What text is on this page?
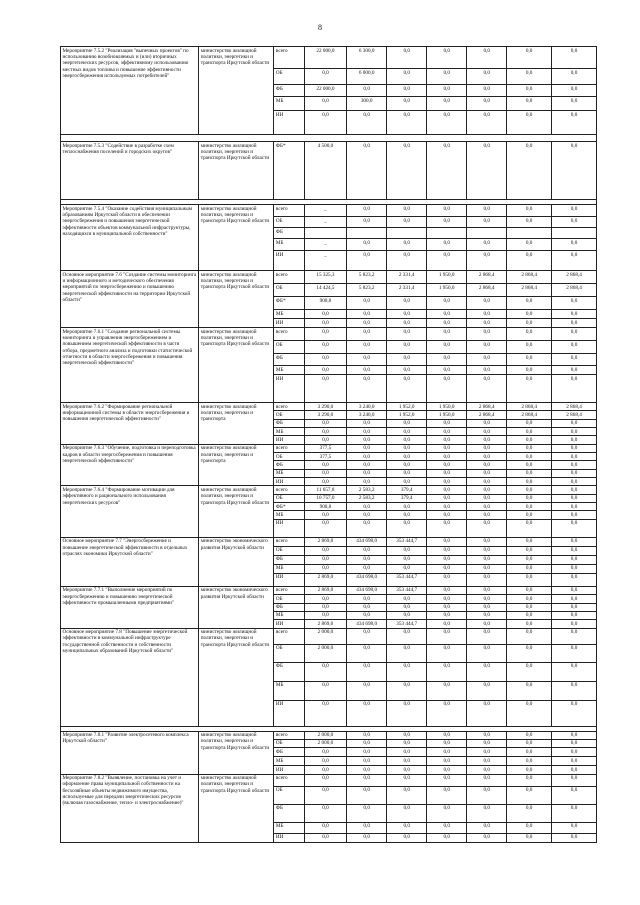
8
Мероприятие 7.5.2 "Реализация "выпечных проектов" по использованию возобновляемых и (или) вторичных энергетических ресурсов, эффективному использованию местных видов топлива и повышение эффективности энергосбережения используемых потребителей"	министерство жилищной политики, энергетики и транспорта Иркутской области	всего	22 000,0	6 300,0	0,0	0,0	0,0	0,0	0,0
		ОБ	0,0	6 000,0	0,0	0,0	0,0	0,0	0,0
		ФБ	22 000,0	0,0	0,0	0,0	0,0	0,0	0,0
		МБ	0,0	300,0	0,0	0,0	0,0	0,0	0,0
		ИИ	0,0	0,0	0,0	0,0	0,0	0,0	0,0

Мероприятие 7.5.3 "Содействие в разработке схем теплоснабжения поселений и городских округов"	министерство жилищной политики, энергетики и транспорта Иркутской области	ФБ*	4 500,0	0,0	0,0	0,0	0,0	0,0	0,0

Мероприятие 7.5.4 "Оказание содействия муниципальным образованиям Иркутской области в обеспечении энергосбережения и повышения энергетической эффективности объектов коммунальной инфраструктуры, находящихся в муниципальной собственности"	министерство жилищной политики, энергетики и транспорта Иркутской области	всего	_	0,0	0,0	0,0	0,0	0,0	0,0
		ОБ	_	0,0	0,0	0,0	0,0	0,0	0,0
		ФБ							
		МБ	_	0,0	0,0	0,0	0,0	0,0	0,0
		ИИ	_	0,0	0,0	0,0	0,0	0,0	0,0
Основное мероприятие 7.6 "Создание системы мониторинга и информационного и методического обеспечения мероприятий по энергосбережению и повышению энергетической эффективности на территории Иркутской области"	министерство жилищной политики, энергетики и транспорта Иркутской области	всего	15 325,3	5 823,2	2 331,4	1 950,0	2 868,4	2 868,4	2 868,4
		ОБ	14 424,5	5 823,2	2 331,4	1 950,0	2 868,4	2 868,4	2 868,4
		ФБ*	900,8	0,0	0,0	0,0	0,0	0,0	0,0
		МБ	0,0	0,0	0,0	0,0	0,0	0,0	0,0
		ИИ	0,0	0,0	0,0	0,0	0,0	0,0	0,0
Мероприятие 7.6.1 "Создание региональной системы мониторинга и управления энергосбережением и повышением энергетической эффективности в части отбора, предметного анализа и подготовки статистической отчетности в области энергосбережения и повышения энергетической эффективности"	министерство жилищной политики, энергетики и транспорта Иркутской области	всего	0,0	0,0	0,0	0,0	0,0	0,0	0,0
		ОБ	0,0	0,0	0,0	0,0	0,0	0,0	0,0
		ФБ	0,0	0,0	0,0	0,0	0,0	0,0	0,0
		МБ	0,0	0,0	0,0	0,0	0,0	0,0	0,0
		ИИ	0,0	0,0	0,0	0,0	0,0	0,0	0,0
Мероприятие 7.6.2 "Формирование региональной информационной системы в области энергосбережения и повышения энергетической эффективности"	министерство жилищной политики, энергетики и транспорта	всего	3 290,0	3 240,0	1 952,0	1 950,0	2 868,4	2 868,4	2 868,4
		ОБ	3 290,0	3 240,0	1 952,0	1 950,0	2 868,4	2 868,4	2 868,4
		ФБ	0,0	0,0	0,0	0,0	0,0	0,0	0,0
		МБ	0,0	0,0	0,0	0,0	0,0	0,0	0,0
		ИИ	0,0	0,0	0,0	0,0	0,0	0,0	0,0
Мероприятие 7.6.3 "Обучение, подготовка и переподготовка кадров в области энергосбережения и повышения энергетической эффективности"	министерство жилищной политики, энергетики и транспорта	всего	377,5	0,0	0,0	0,0	0,0	0,0	0,0
		ОБ	377,5	0,0	0,0	0,0	0,0	0,0	0,0
		ФБ	0,0	0,0	0,0	0,0	0,0	0,0	0,0
		МБ	0,0	0,0	0,0	0,0	0,0	0,0	0,0
		ИИ	0,0	0,0	0,0	0,0	0,0	0,0	0,0
Мероприятие 7.6.4 "Формирование мотивации для эффективного и рационального использования энергетических ресурсов"	министерство жилищной политики, энергетики и транспорта Иркутской области	всего	11 657,8	2 583,2	379,4	0,0	0,0	0,0	0,0
		ОБ	10 757,0	2 583,2	379,4	0,0	0,0	0,0	0,0
		ФБ*	900,8	0,0	0,0	0,0	0,0	0,0	0,0
		МБ	0,0	0,0	0,0	0,0	0,0	0,0	0,0
		ИИ	0,0	0,0	0,0	0,0	0,0	0,0	0,0
Основное мероприятие 7.7 "Энергосбережение и повышение энергетической эффективности в отдельных отраслях экономики Иркутской области"	министерство экономического развития Иркутской области	всего	2 869,0	434 698,0	353 444,7	0,0	0,0	0,0	0,0
		ОБ	0,0	0,0	0,0	0,0	0,0	0,0	0,0
		ФБ	0,0	0,0	0,0	0,0	0,0	0,0	0,0
		МБ	0,0	0,0	0,0	0,0	0,0	0,0	0,0
		ИИ	2 869,0	434 698,0	353 444,7	0,0	0,0	0,0	0,0
Мероприятие 7.7.1 "Выполнение мероприятий по энергосбережению и повышению энергетической эффективности промышленными предприятиями"	министерство экономического развития Иркутской области	всего	2 869,0	434 698,0	353 444,7	0,0	0,0	0,0	0,0
		ОБ	0,0	0,0	0,0	0,0	0,0	0,0	0,0
		ФБ	0,0	0,0	0,0	0,0	0,0	0,0	0,0
		МБ	0,0	0,0	0,0	0,0	0,0	0,0	0,0
		ИИ	2 869,0	434 698,0	353 444,7	0,0	0,0	0,0	0,0
Основное мероприятие 7.8 "Повышение энергетической эффективности в коммунальной инфраструктуре государственной собственности и собственности муниципальных образований Иркутской области"	министерство жилищной политики, энергетики и транспорта Иркутской области	всего	2 000,0	0,0	0,0	0,0	0,0	0,0	0,0
		ОБ	2 000,0	0,0	0,0	0,0	0,0	0,0	0,0
		ФБ	0,0	0,0	0,0	0,0	0,0	0,0	0,0
		МБ	0,0	0,0	0,0	0,0	0,0	0,0	0,0
		ИИ	0,0	0,0	0,0	0,0	0,0	0,0	0,0

Мероприятие 7.8.1 "Развитие электросетевого комплекса Иркутской области"	министерство жилищной политики, энергетики и транспорта Иркутской области	всего	2 000,0	0,0	0,0	0,0	0,0	0,0	0,0
		ОБ	2 000,0	0,0	0,0	0,0	0,0	0,0	0,0
		ФБ	0,0	0,0	0,0	0,0	0,0	0,0	0,0
		МБ	0,0	0,0	0,0	0,0	0,0	0,0	0,0
		ИИ	0,0	0,0	0,0	0,0	0,0	0,0	0,0
Мероприятие 7.8.2 "Выявление, постановка на учет и оформление права муниципальной собственности на бесхозяйные объекты недвижимого имущества, используемые для передачи энергетических ресурсов (включая газоснабжение, тепло- и электроснабжение)"	министерство жилищной политики, энергетики и транспорта Иркутской области	всего	0,0	0,0	0,0	0,0	0,0	0,0	0,0
		ОБ	0,0	0,0	0,0	0,0	0,0	0,0	0,0
		ФБ	0,0	0,0	0,0	0,0	0,0	0,0	0,0
		МБ	0,0	0,0	0,0	0,0	0,0	0,0	0,0
		ИИ	0,0	0,0	0,0	0,0	0,0	0,0	0,0
